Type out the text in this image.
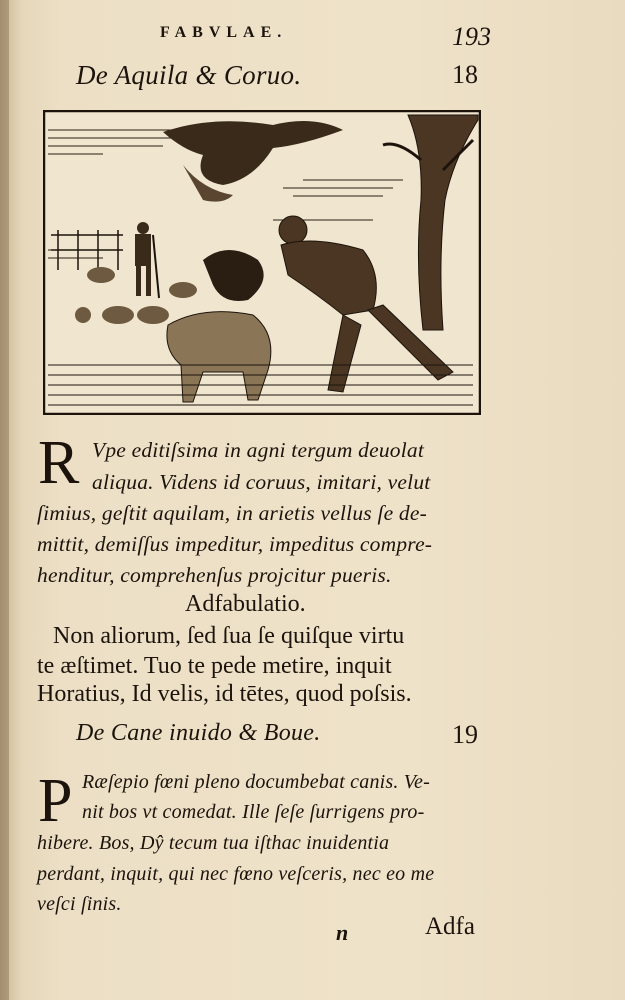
FABVLAE.	193
De Aquila & Coruo.	18
R Vpe editiſsima in agni tergum deuolat
aliqua. Videns id coruus, imitari, velut
ſimius, geſtit aquilam, in arietis vellus ſe de-
mittit, demiſſus impeditur, impeditus compre-
henditur, comprehenſus projcitur pueris.
Adfabulatio.
Non aliorum, ſed ſua ſe quiſque virtu
te æſtimet. Tuo te pede metire, inquit
Horatius, Id velis, id tētes, quod poſsis.
De Cane inuido & Boue.	19
P Ræſepio fœni pleno documbebat canis. Ve-
nit bos vt comedat. Ille ſeſe ſurrigens pro-
hibere. Bos, Dŷ tecum tua iſthac inuidentia
perdant, inquit, qui nec fœno veſceris, nec eo me
veſci ſinis.
n	Adfa
